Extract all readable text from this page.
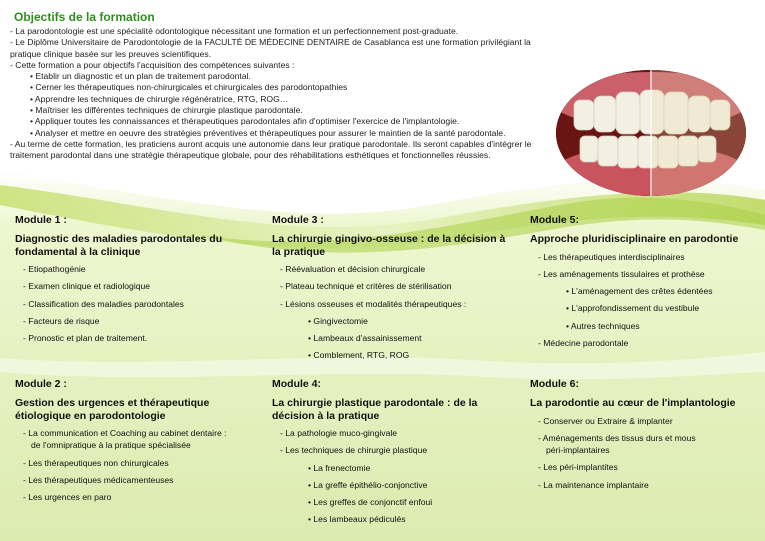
Objectifs de la formation

- La parodontologie est une spécialité odontologique nécessitant une formation et un perfectionnement post-graduate.

- Le Diplôme Universitaire de Parodontologie de la FACULTÉ DE MÉDECINE DENTAIRE de Casablanca est une formation privilégiant la pratique clinique basée sur les preuves scientifiques.

- Cette formation a pour objectifs l'acquisition des compétences suivantes :

• Etablir un diagnostic et un plan de traitement parodontal.

• Cerner les thérapeutiques non-chirurgicales et chirurgicales des parodontopathies

• Apprendre les techniques de chirurgie régénératrice, RTG, ROG…

• Maîtriser les différentes techniques de chirurgie plastique parodontale.

• Appliquer toutes les connaissances et thérapeutiques parodontales afin d'optimiser l'exercice de l'implantologie.

• Analyser et mettre en oeuvre des stratégies préventives et thérapeutiques pour assurer le maintien de la santé parodontale.

- Au terme de cette formation, les praticiens auront acquis une autonomie dans leur pratique parodontale. Ils seront capables d'intégrer le traitement parodontal dans une stratégie thérapeutique globale, pour des réhabilitations esthétiques et fonctionnelles réussies.

Module 1 :
Diagnostic des maladies parodontales du fondamental à la clinique
- Etiopathogénie
- Examen clinique et radiologique
- Classification des maladies parodontales
- Facteurs de risque
- Pronostic et plan de traitement.
Module 3 :
La chirurgie gingivo-osseuse : de la décision à la pratique
- Réévaluation et décision chirurgicale
- Plateau technique et critères de stérilisation
- Lésions osseuses et modalités thérapeutiques :
• Gingivectomie
• Lambeaux d'assainissement
• Comblement, RTG, ROG
Module 5:
Approche pluridisciplinaire en parodontie
- Les thérapeutiques interdisciplinaires
- Les aménagements tissulaires et prothèse
• L'aménagement des crêtes édentées
• L'approfondissement du vestibule
• Autres techniques
- Médecine parodontale
Module 2 :
Gestion des urgences et thérapeutique étiologique en parodontologie
- La communication et Coaching au cabinet dentaire :
de l'omnipratique à la pratique spécialisée
- Les thérapeutiques non chirurgicales
- Les thérapeutiques médicamenteuses
- Les urgences en paro
Module 4:
La chirurgie plastique parodontale : de la décision à la pratique
- La pathologie muco-gingivale
- Les techniques de chirurgie plastique
• La frenectomie
• La greffe épithélio-conjonctive
• Les greffes de conjonctif enfoui
• Les lambeaux pédiculés
Module 6:
La parodontie au cœur de l'implantologie
- Conserver ou Extraire & implanter
- Aménagements des tissus durs et mous
péri-implantaires
- Les péri-implantites
- La maintenance implantaire
